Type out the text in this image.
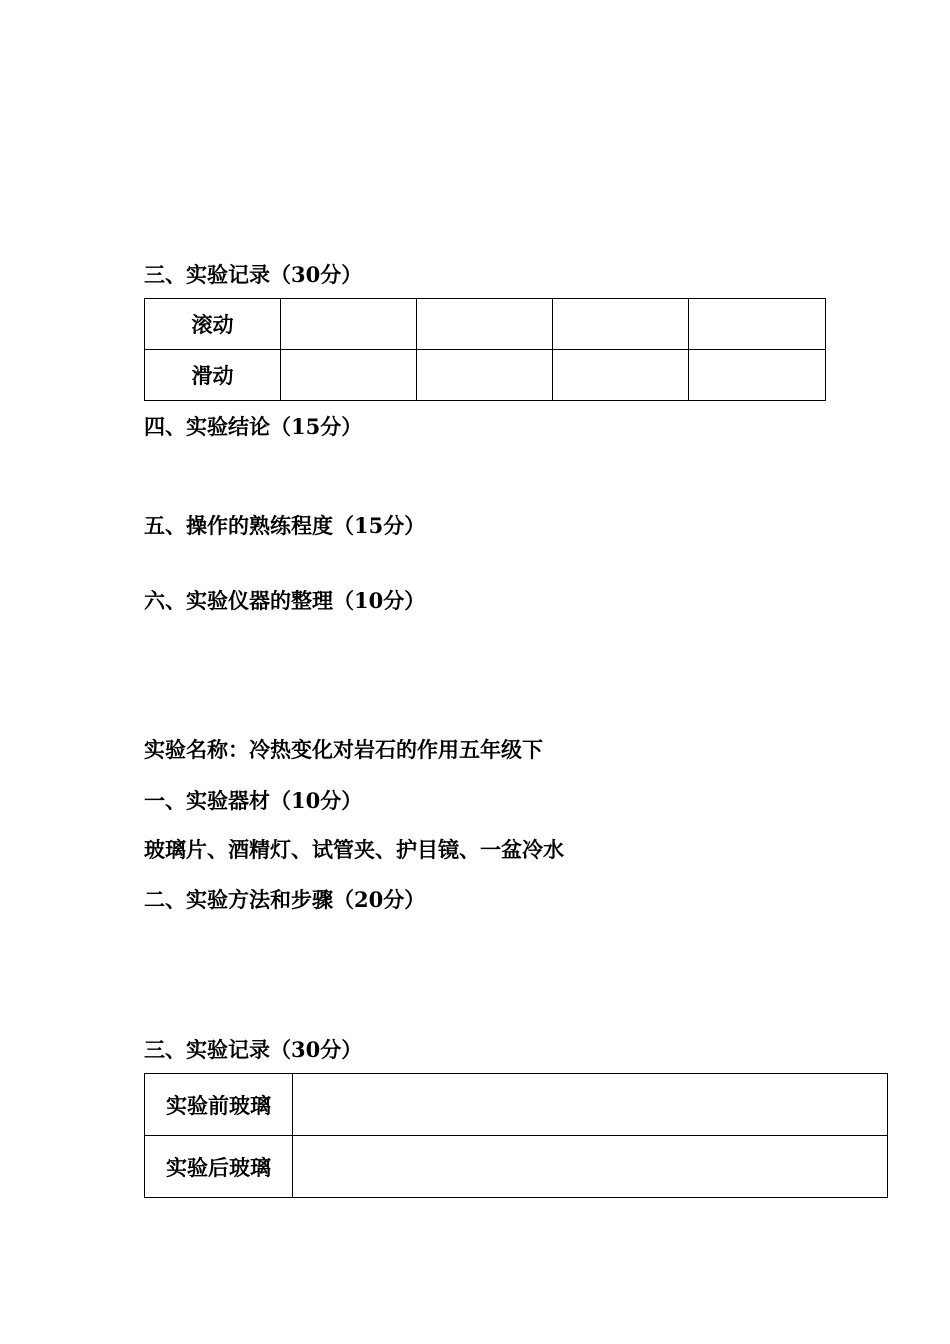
三、实验记录（30分）
滚动				
滑动				
四、实验结论（15分）
五、操作的熟练程度（15分）
六、实验仪器的整理（10分）
实验名称：冷热变化对岩石的作用五年级下
一、实验器材（10分）
玻璃片、酒精灯、试管夹、护目镜、一盆冷水
二、实验方法和步骤（20分）
三、实验记录（30分）
实验前玻璃	
实验后玻璃	
